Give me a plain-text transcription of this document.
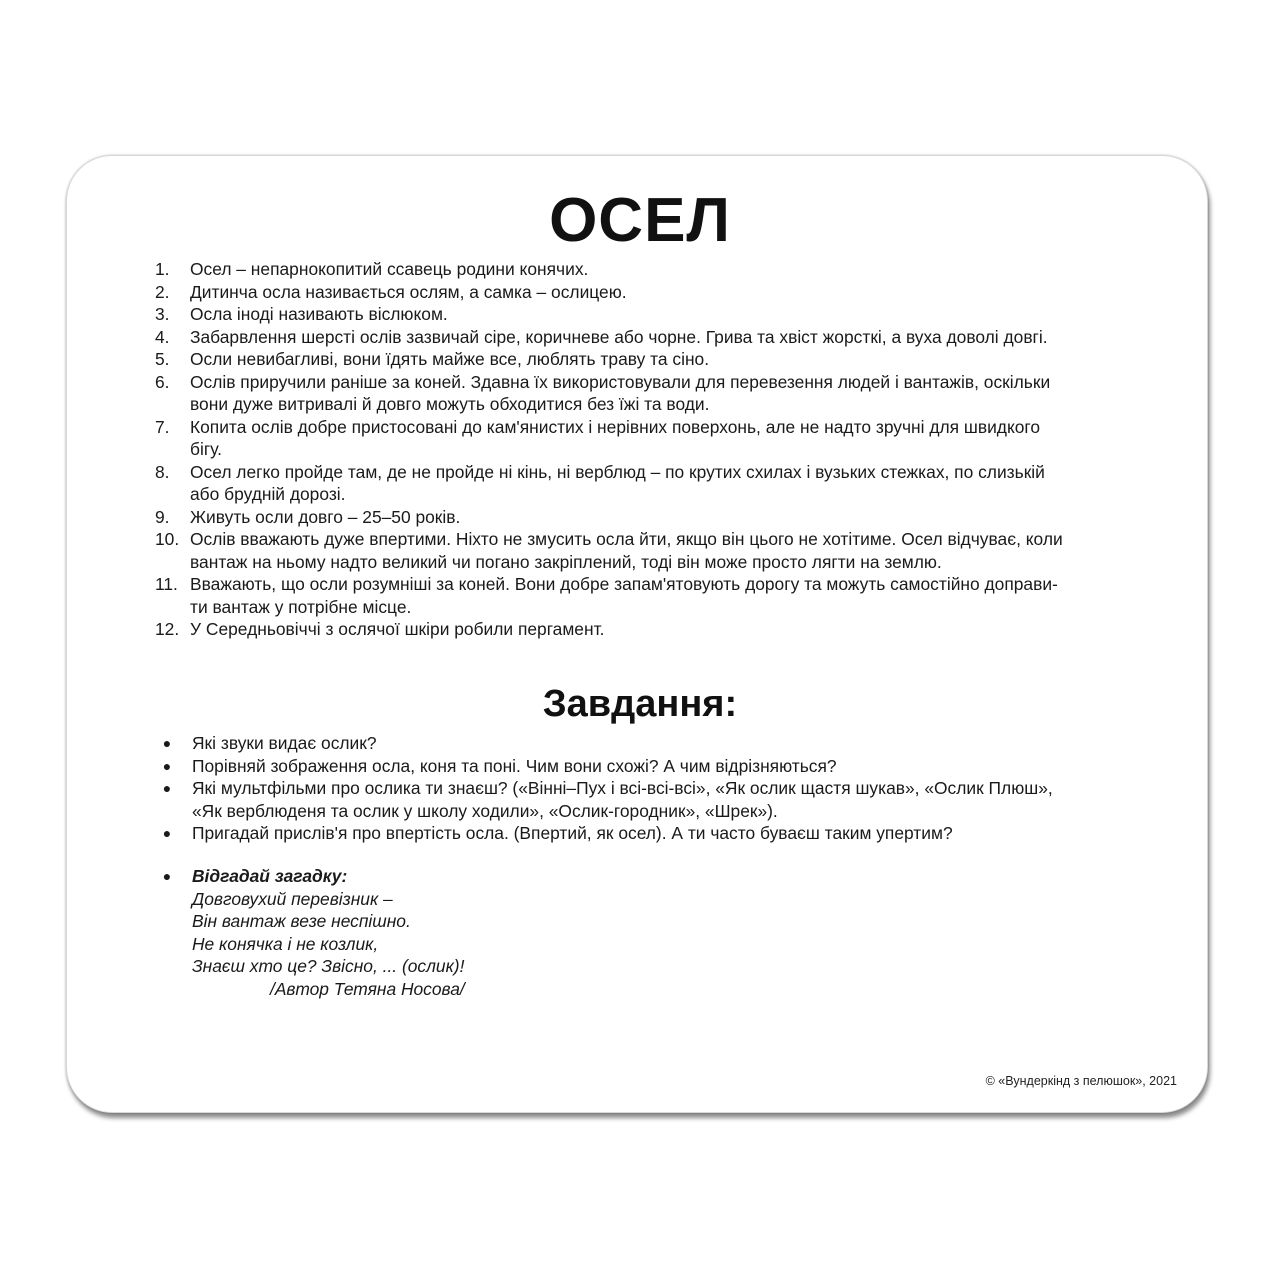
ОСЕЛ
1.	Осел – непарнокопитий ссавець родини конячих.
2.	Дитинча осла називається ослям, а самка – ослицею.
3.	Осла іноді називають віслюком.
4.	Забарвлення шерсті ослів зазвичай сіре, коричневе або чорне. Грива та хвіст жорсткі, а вуха доволі довгі.
5.	Осли невибагливі, вони їдять майже все, люблять траву та сіно.
6.	Ослів приручили раніше за коней. Здавна їх використовували для перевезення людей і вантажів, оскільки
вони дуже витривалі й довго можуть обходитися без їжі та води.
7.	Копита ослів добре пристосовані до кам'янистих і нерівних поверхонь, але не надто зручні для швидкого
бігу.
8.	Осел легко пройде там, де не пройде ні кінь, ні верблюд – по крутих схилах і вузьких стежках, по слизькій
або брудній дорозі.
9.	Живуть осли довго – 25–50 років.
10. Ослів вважають дуже впертими. Ніхто не змусить осла йти, якщо він цього не хотітиме. Осел відчуває, коли
вантаж на ньому надто великий чи погано закріплений, тоді він може просто лягти на землю.
11. Вважають, що осли розумніші за коней. Вони добре запам'ятовують дорогу та можуть самостійно доправи-
ти вантаж у потрібне місце.
12. У Середньовіччі з ослячої шкіри робили пергамент.
Завдання:
● Які звуки видає ослик?
● Порівняй зображення осла, коня та поні. Чим вони схожі? А чим відрізняються?
● Які мультфільми про ослика ти знаєш? («Вінні–Пух і всі-всі-всі», «Як ослик щастя шукав», «Ослик Плюш»,
«Як верблюденя та ослик у школу ходили», «Ослик-городник», «Шрек»).
● Пригадай прислів'я про впертість осла. (Впертий, як осел). А ти часто буваєш таким упертим?
● Відгадай загадку:
Довговухий перевізник –
Він вантаж везе неспішно.
Не конячка і не козлик,
Знаєш хто це? Звісно, ... (ослик)!
/Автор Тетяна Носова/
© «Вундеркінд з пелюшок», 2021
